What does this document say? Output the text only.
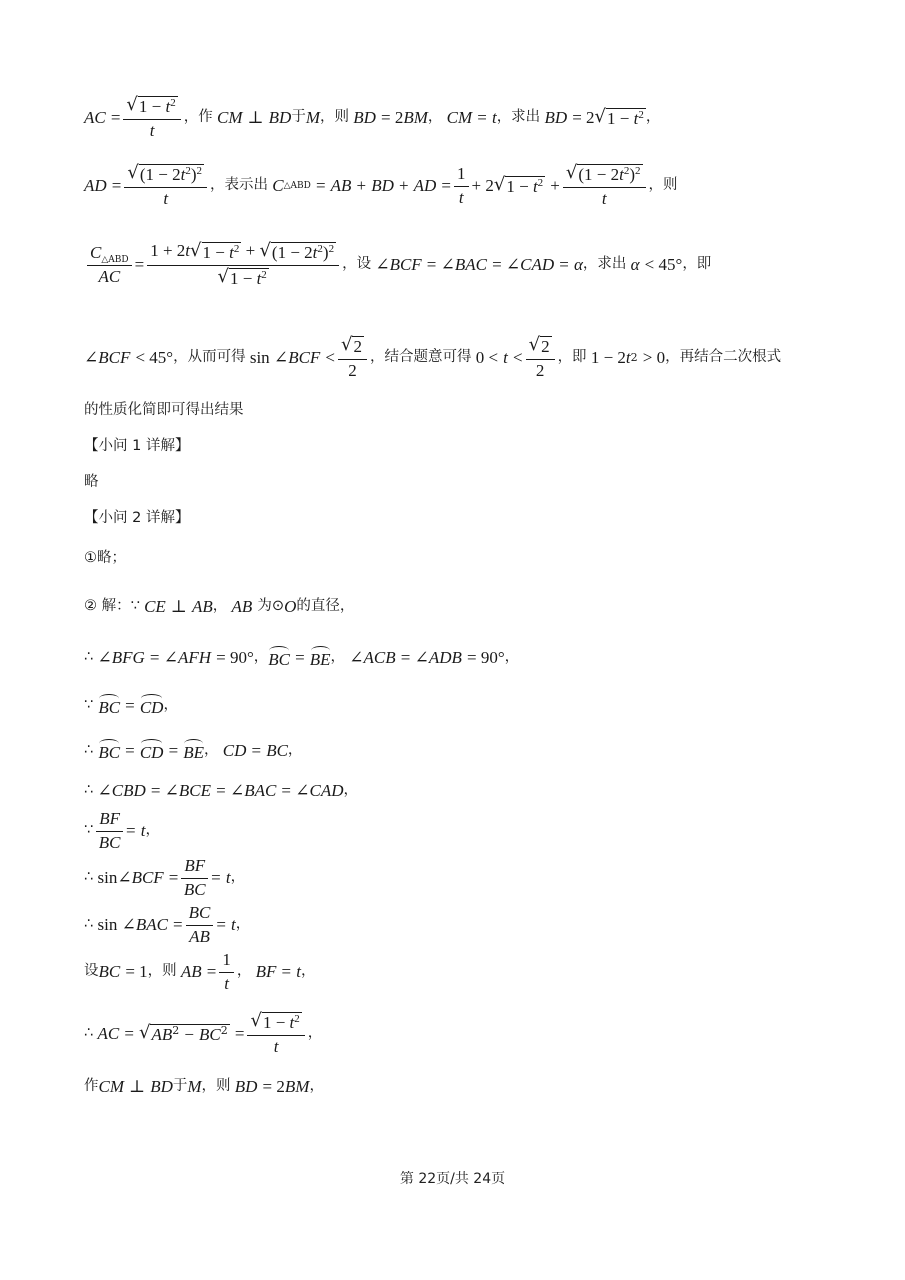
AC
= $\frac{√ 1 - t^2}{t}$ ，作 CM
⊥
BD 于 M ，则 BD
= 2 BM ， CM
=
t ，求出 BD
= 2 √ $1 - t^2$ ，
AD
= $\frac{√ (1 - 2t^2)^2}{t}$ ，表示出 C △ABD
=
AB
+
BD
+
AD
= $\frac{1}{t} + 2$ √ $1 - t^2$
+ $\frac{√ (1 - 2t^2)^2}{t}$ ，则
$\frac{C_{\triangle ABD}}{AC} = \frac{1 + 2t √ 1 - t^2 + √ (1 - 2t^2)^2}{√ 1 - t^2}$ ，设 ∠ BCF
= ∠ BAC
= ∠ CAD
=
α ，求出 α
< 45° ，即
∠ BCF
< 45° ，从而可得 sin ∠ BCF
< $\frac{√ 2}{2}$ ，结合题意可得 0 <
t
< $\frac{√ 2}{2}$ ，即 1 − 2 t 2
> 0 ，再结合二次根式
的性质化简即可得出结果
【小问 1 详解】
略
【小问 2 详解】
①略；
② 解：∵ CE
⊥
AB ， AB
为⊙ O 的直径，
∴ ∠ BFG
= ∠ AFH
= 90° ， BC
=
BE ， ∠ ACB
= ∠ ADB
= 90° ，
∵
BC
=
CD ，
∴
BC
=
CD
=
BE ， CD
=
BC ，
∴ ∠ CBD
= ∠ BCE
= ∠ BAC
= ∠ CAD ，
∵ $\frac{BF}{BC}$ =
t ，
∴ sin∠ BCF
= $\frac{BF}{BC}$ =
t ，
∴ sin ∠ BAC
= $\frac{BC}{AB}$ =
t ，
设 BC
= 1 ，则 AB
= $\frac{1}{t}$ ， BF
=
t ，
∴ AC
=
√ $AB^2 - BC^2$
= $\frac{√ 1 - t^2}{t}$ ，
作 CM
⊥
BD 于 M ，则 BD
= 2 BM ，
第 22页/共 24页
